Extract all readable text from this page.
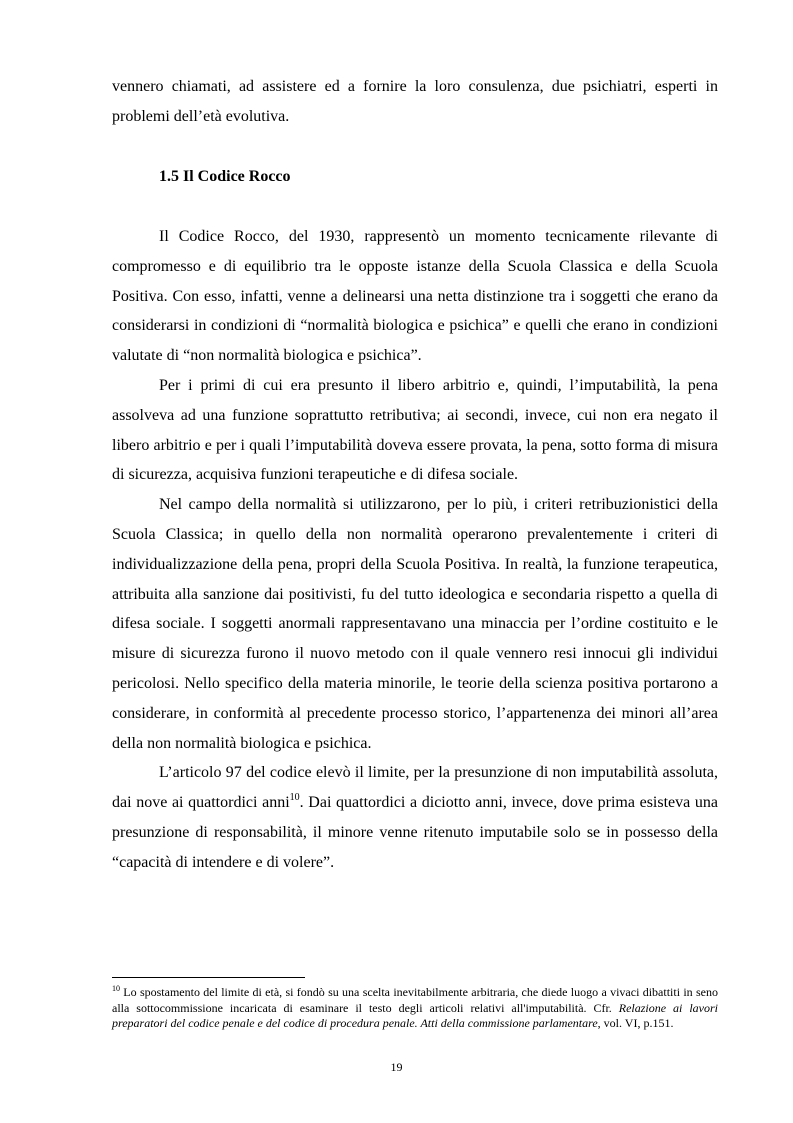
vennero chiamati, ad assistere ed a fornire la loro consulenza, due psichiatri, esperti in problemi dell’età evolutiva.

1.5 Il Codice Rocco

Il Codice Rocco, del 1930, rappresentò un momento tecnicamente rilevante di compromesso e di equilibrio tra le opposte istanze della Scuola Classica e della Scuola Positiva. Con esso, infatti, venne a delinearsi una netta distinzione tra i soggetti che erano da considerarsi in condizioni di “normalità biologica e psichica” e quelli che erano in condizioni valutate di “non normalità biologica e psichica”.

Per i primi di cui era presunto il libero arbitrio e, quindi, l’imputabilità, la pena assolveva ad una funzione soprattutto retributiva; ai secondi, invece, cui non era negato il libero arbitrio e per i quali l’imputabilità doveva essere provata, la pena, sotto forma di misura di sicurezza, acquisiva funzioni terapeutiche e di difesa sociale.

Nel campo della normalità si utilizzarono, per lo più, i criteri retribuzionistici della Scuola Classica; in quello della non normalità operarono prevalentemente i criteri di individualizzazione della pena, propri della Scuola Positiva. In realtà, la funzione terapeutica, attribuita alla sanzione dai positivisti, fu del tutto ideologica e secondaria rispetto a quella di difesa sociale. I soggetti anormali rappresentavano una minaccia per l’ordine costituito e le misure di sicurezza furono il nuovo metodo con il quale vennero resi innocui gli individui pericolosi. Nello specifico della materia minorile, le teorie della scienza positiva portarono a considerare, in conformità al precedente processo storico, l’appartenenza dei minori all’area della non normalità biologica e psichica.

L’articolo 97 del codice elevò il limite, per la presunzione di non imputabilità assoluta, dai nove ai quattordici anni$^{10}$. Dai quattordici a diciotto anni, invece, dove prima esisteva una presunzione di responsabilità, il minore venne ritenuto imputabile solo se in possesso della “capacità di intendere e di volere”.

$^{10}$ Lo spostamento del limite di età, si fondò su una scelta inevitabilmente arbitraria, che diede luogo a vivaci dibattiti in seno alla sottocommissione incaricata di esaminare il testo degli articoli relativi all'imputabilità. Cfr. Relazione ai lavori preparatori del codice penale e del codice di procedura penale. Atti della commissione parlamentare, vol. VI, p.151.

19
